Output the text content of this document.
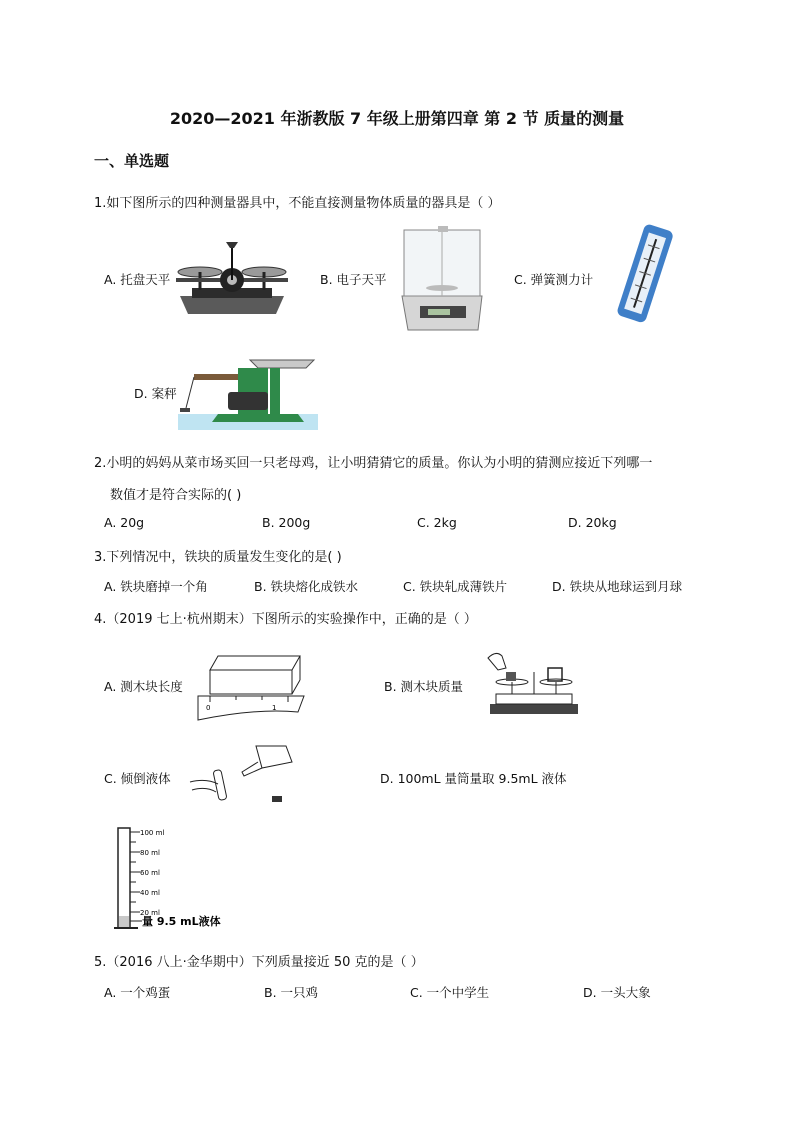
2020—2021 年浙教版 7 年级上册第四章 第 2 节 质量的测量
一、单选题
1.如下图所示的四种测量器具中，不能直接测量物体质量的器具是（ ）
A. 托盘天平	B. 电子天平	C. 弹簧测力计
D. 案秤
2.小明的妈妈从菜市场买回一只老母鸡，让小明猜猜它的质量。你认为小明的猜测应接近下列哪一
数值才是符合实际的( )
A. 20g	B. 200g	C. 2kg	D. 20kg
3.下列情况中，铁块的质量发生变化的是( )
A. 铁块磨掉一个角	B. 铁块熔化成铁水	C. 铁块轧成薄铁片	D. 铁块从地球运到月球
4.（2019 七上·杭州期末）下图所示的实验操作中，正确的是（ ）
A. 测木块长度
0	1
B. 测木块质量
C. 倾倒液体	D. 100mL 量筒量取 9.5mL 液体
100 ml
80 ml
60 ml
40 ml
20 ml
量 9.5 mL液体
5.（2016 八上·金华期中）下列质量接近 50 克的是（ ）
A. 一个鸡蛋	B. 一只鸡	C. 一个中学生	D. 一头大象
